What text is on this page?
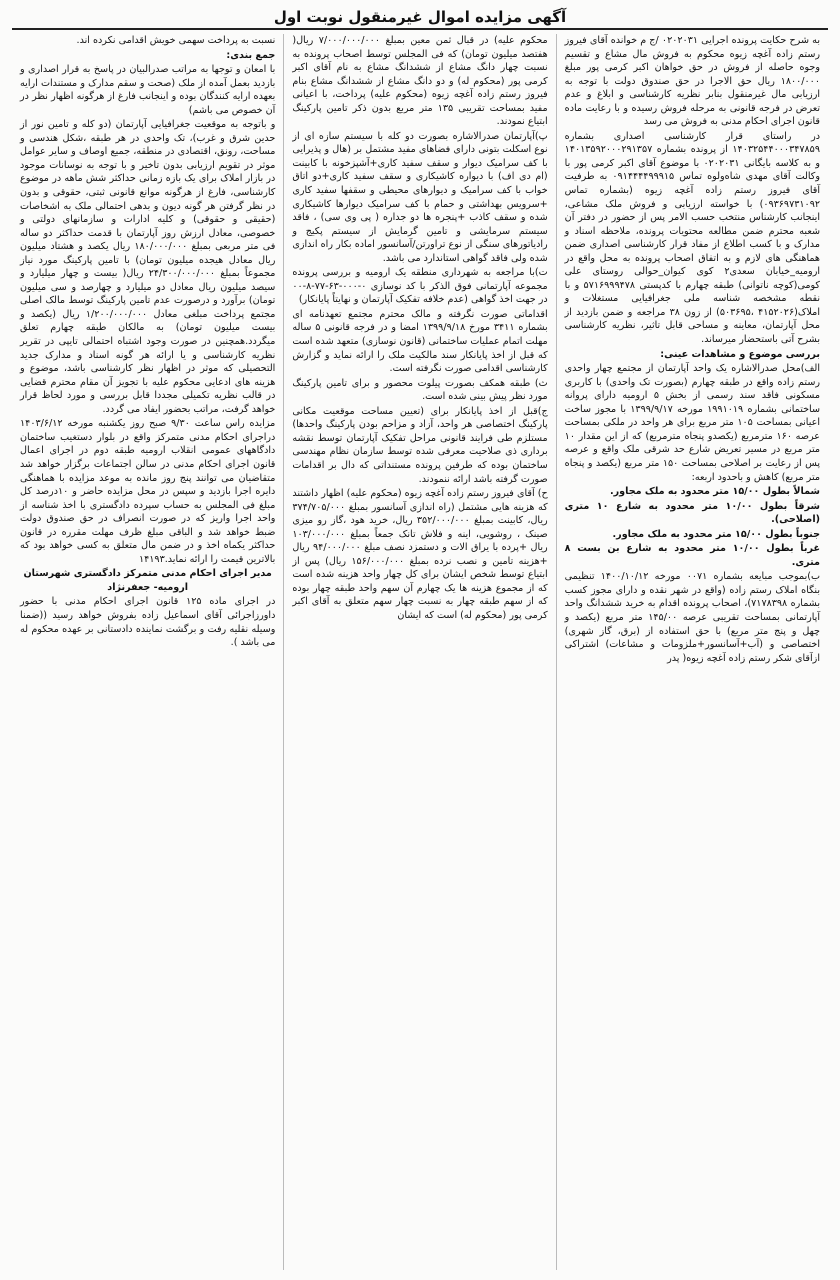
آگهی مزایده اموال غیرمنقول نوبت اول

به شرح حکایت پرونده اجرایی ۰۲۰۲۰۳۱ /ج م خوانده آقای فیروز رستم زاده آغچه زیوه محکوم به فروش مال مشاع و تقسیم وجوه حاصله از فروش در حق خواهان اکبر کرمی پور مبلغ ۱۸۰۰/۰۰۰ ریال حق الاجرا در حق صندوق دولت با توجه به ارزیابی مال غیرمنقول بنابر نظریه کارشناسی و ابلاغ و عدم تعرض در فرجه قانونی به مرحله فروش رسیده و با رعایت ماده قانون اجرای احکام مدنی به فروش می رسد

در راستای قرار کارشناسی اصداری بشماره ۱۴۰۳۲۵۴۴۰۰۰۳۴۷۸۵۹ از پرونده بشماره ۱۴۰۱۳۵۹۲۰۰۰۲۹۱۳۵۷ و به کلاسه بایگانی ۰۲۰۲۰۳۱ با موضوع آقای اکبر کرمی پور با وکالت آقای مهدی شاه‌ولوه تماس ۰۹۱۴۴۴۴۹۹۹۱۵ به طرفیت آقای فیروز رستم زاده آغچه زیوه (بشماره تماس ۰۹۳۶۹۷۳۱۰۹۲) با خواسته ارزیابی و فروش ملک مشاعی، اینجانب کارشناس منتخب حسب الامر پس از حضور در دفتر آن شعبه محترم ضمن مطالعه محتویات پرونده، ملاحظه اسناد و مدارک و با کسب اطلاع از مفاد قرار کارشناسی اصداری ضمن هماهنگی های لازم و به اتفاق اصحاب پرونده به محل واقع در ارومیه_خیابان سعدی۲ کوی کیوان_حوالی روستای علی کومی(کوچه ناتوانی) طبقه چهارم با کدپستی ۵۷۱۶۹۹۹۴۷۸ و با نقطه مشخصه شناسه ملی جغرافیایی مستغلات و املاک(۴۱۵۲۰۲۶ ،۵۰۳۶۹۵) از زون ۳۸ مراجعه و ضمن بازدید از محل آپارتمان، معاینه و مساحی قابل تاثیر، نظریه کارشناسی بشرح آتی باستحضار میرساند.

بررسی موضوع و مشاهدات عینی:

الف)محل صدرالاشاره یک واحد آپارتمان از مجتمع چهار واحدی رستم زاده واقع در طبقه چهارم (بصورت تک واحدی) با کاربری مسکونی فاقد سند رسمی از بخش ۵ ارومیه دارای پروانه ساختمانی بشماره ۱۹۹۱۰۱۹ مورخه ۱۳۹۹/۹/۱۷ با مجوز ساخت اعیانی بمساحت ۱۰۵ متر مربع برای هر واحد در ملکی بمساحت عرصه ۱۶۰ مترمربع (یکصدو پنجاه مترمربع) که از این مقدار ۱۰ متر مربع در مسیر تعریض شارع حد شرقی ملک واقع و عرصه پس از رعایت بر اصلاحی بمساحت ۱۵۰ متر مربع (یکصد و پنجاه متر مربع) کاهش و باحدود اربعه:

شمالاً بطول ۱۵/۰۰ متر محدود به ملک مجاور.

شرقاً بطول ۱۰/۰۰ متر محدود به شارع ۱۰ متری (اصلاحی).

جنوباً بطول ۱۵/۰۰ متر محدود به ملک مجاور.

غرباً بطول ۱۰/۰۰ متر محدود به شارع بن بست ۸ متری.

ب)بموجب مبایعه بشماره ۰۰۷۱ مورخه ۱۴۰۰/۱۰/۱۲ تنظیمی بنگاه املاک رستم زاده (واقع در شهر نقده و دارای مجوز کسب بشماره ۷۱۷۸۳۹۸)، اصحاب پرونده اقدام به خرید ششدانگ واحد آپارتمانی بمساحت تقریبی عرصه ۱۴۵/۰۰ متر مربع (یکصد و چهل و پنج متر مربع) با حق استفاده از (برق، گاز شهری) اختصاصی و (آب+آسانسور+ملزومات و مشاعات) اشتراکی ازآقای شکر رستم زاده آغچه زیوه( پدر

محکوم علیه) در قبال ثمن معین بمبلغ ۷/۰۰۰/۰۰۰/۰۰۰ ریال( هفتصد میلیون تومان) که فی المجلس توسط اصحاب پرونده به نسبت چهار دانگ مشاع از ششدانگ مشاع به نام آقای اکبر کرمی پور (محکوم له) و دو دانگ مشاع از ششدانگ مشاع بنام فیروز رستم زاده آغچه زیوه (محکوم علیه) پرداخت، با اعیانی مفید بمساحت تقریبی ۱۳۵ متر مربع بدون ذکر تامین پارکینگ ابتیاع نمودند.

پ)آپارتمان صدرالاشاره بصورت دو کله با سیستم سازه ای از نوع اسکلت بتونی دارای فضاهای مفید مشتمل بر (هال و پذیرایی با کف سرامیک دیوار و سقف سفید کاری+آشپزخونه با کابینت (ام دی اف) با دیواره کاشیکاری و سقف سفید کاری+دو اتاق خواب با کف سرامیک و دیوارهای محیطی و سقفها سفید کاری +سرویس بهداشتی و حمام با کف سرامیک دیوارها کاشیکاری شده و سقف کاذب +پنجره ها دو جداره ( پی وی سی) ، فاقد سیستم سرمایشی و تامین گرمایش از سیستم پکیج و رادیاتورهای سنگی از نوع تراورتن/آسانسور اماده بکار راه اندازی شده ولی فاقد گواهی استاندارد می باشد.

ت)با مراجعه به شهرداری منطقه یک ارومیه و بررسی پرونده مجموعه آپارتمانی فوق الذکر با کد نوسازی ۰-۰۰۰-۶۳-۷۷-۸-۰۰ در جهت اخذ گواهی (عدم خلافه تفکیک آپارتمان و نهایتاً پایانکار)

اقداماتی صورت نگرفته و مالک محترم مجتمع تعهدنامه ای بشماره ۳۴۱۱ مورخ ۱۳۹۹/۹/۱۸ امضا و در فرجه قانونی ۵ ساله مهلت اتمام عملیات ساختمانی (قانون نوسازی) متعهد شده است که قبل از اخذ پایانکار سند مالکیت ملک را ارائه نماید و گزارش کارشناسی اقدامی صورت نگرفته است.

ث) طبقه همکف بصورت پیلوت محصور و برای تامین پارکینگ مورد نظر پیش بینی شده است.

ج)قبل از اخذ پایانکار برای (تعیین مساحت موقعیت مکانی پارکینگ اختصاصی هر واحد، آزاد و مزاحم بودن پارکینگ واحدها) مستلزم طی فرایند قانونی مراحل تفکیک آپارتمان توسط نقشه برداری ذی صلاحیت معرفی شده توسط سازمان نظام مهندسی ساختمان بوده که طرفین پرونده مستنداتی که دال بر اقدامات صورت گرفته باشد ارائه ننمودند.

ح) آقای فیروز رستم زاده آغچه زیوه (محکوم علیه) اظهار داشتند که هزینه هایی مشتمل (راه اندازی آسانسور بمبلغ ۳۷۴/۷۰۵/۰۰۰ ریال، کابینت بمبلغ ۳۵۲/۰۰۰/۰۰۰ ریال، خرید هود ،گاز رو میزی صینک ، روشویی، اینه و فلاش تانک جمعاً بمبلغ ۱۰۳/۰۰۰/۰۰۰ ریال +پرده با یراق الات و دستمزد نصف مبلغ ۹۴/۰۰۰/۰۰۰ ریال +هزینه تامین و نصب نرده بمبلغ ۱۵۶/۰۰۰/۰۰۰ ریال) پس از ابتیاع توسط شخص ایشان برای کل چهار واحد هزینه شده است که از مجموع هزینه ها یک چهارم آن سهم واحد طبقه چهار بوده که از سهم طبقه چهار به نسبت چهار سهم متعلق به آقای اکبر کرمی پور (محکوم له) است که ایشان

نسبت به پرداخت سهمی خویش اقدامی نکرده اند.

جمع بندی:

با امعان و توجها به مراتب صدرالبیان در پاسخ به قرار اصداری و بازدید بعمل آمده از ملک (صحت و سقم مدارک و مستندات ارایه بعهده ارایه کنندگان بوده و اینجانب فارغ از هرگونه اظهار نظر در آن خصوص می باشم)

و باتوجه به موقعیت جغرافیایی آپارتمان (دو کله و تامین نور از حدین شرق و غرب)، تک واحدی در هر طبقه ،شکل هندسی و مساحت، رونق، اقتصادی در منطقه، جمیع اوصاف و سایر عوامل موثر در تقویم ارزیابی بدون تاخیر و با توجه به نوسانات موجود در بازار املاک برای یک بازه زمانی حداکثر شش ماهه در موضوع کارشناسی، فارغ از هرگونه موانع قانونی ثبتی، حقوقی و بدون در نظر گرفتن هر گونه دیون و بدهی احتمالی ملک به اشخاصات (حقیقی و حقوقی) و کلیه ادارات و سازمانهای دولتی و خصوصی، معادل ارزش روز آپارتمان با قدمت حداکثر دو ساله فی متر مربعی بمبلغ ۱۸۰/۰۰۰/۰۰۰ ریال یکصد و هشتاد میلیون ریال معادل هیجده میلیون تومان) با تامین پارکینگ مورد نیاز مجموعاً بمبلغ ۲۴/۳۰۰/۰۰۰/۰۰۰ ریال( بیست و چهار میلیارد و سیصد میلیون ریال معادل دو میلیارد و چهارصد و سی میلیون تومان) برآورد و درصورت عدم تامین پارکینگ توسط مالک اصلی مجتمع پرداخت مبلغی معادل ۱/۲۰۰/۰۰۰/۰۰۰ ریال (یکصد و بیست میلیون تومان) به مالکان طبقه چهارم تعلق میگردد.همچنین در صورت وجود اشتباه احتمالی تایپی در تقریر نظریه کارشناسی و یا ارائه هر گونه اسناد و مدارک جدید التحصیلی که موثر در اظهار نظر کارشناسی باشد، موضوع و هزینه های ادعایی محکوم علیه با تجویز آن مقام محترم قضایی در قالب نظریه تکمیلی مجددا قابل بررسی و مورد لحاظ قرار خواهد گرفت، مراتب بحضور ایفاد می گردد.

مزایده راس ساعت ۹/۳۰ صبح روز یکشنبه مورخه ۱۴۰۳/۶/۱۲ دراجرای احکام مدنی متمرکز واقع در بلوار دستغیب ساختمان دادگاههای عمومی انقلاب ارومیه طبقه دوم در اجرای اعمال قانون اجرای احکام مدنی در سالن اجتماعات برگزار خواهد شد متقاضیان می توانند پنج روز مانده به موعد مزایده با هماهنگی دایره اجرا بازدید و سپس در محل مزایده حاضر و ۱۰درصد کل مبلغ فی المجلس به حساب سپرده دادگستری با اخذ شناسه از واحد اجرا واریز که در صورت انصراف در حق صندوق دولت ضبط خواهد شد و الباقی مبلغ ظرف مهلت مقرره در قانون حداکثر یکماه اخذ و در ضمن مال متعلق به کسی خواهد بود که بالاترین قیمت را ارائه نماید.۱۴۱۹۳

مدیر اجرای احکام مدنی متمرکز دادگستری شهرستان ارومیه- جعفرنژاد

در اجرای ماده ۱۲۵ قانون اجرای احکام مدنی با حضور داورزاجرائی آقای اسماعیل زاده بفروش خواهد رسید ((ضمنا وسیله نقلیه رفت و برگشت نماینده دادستانی بر عهده محکوم له می باشد ).
